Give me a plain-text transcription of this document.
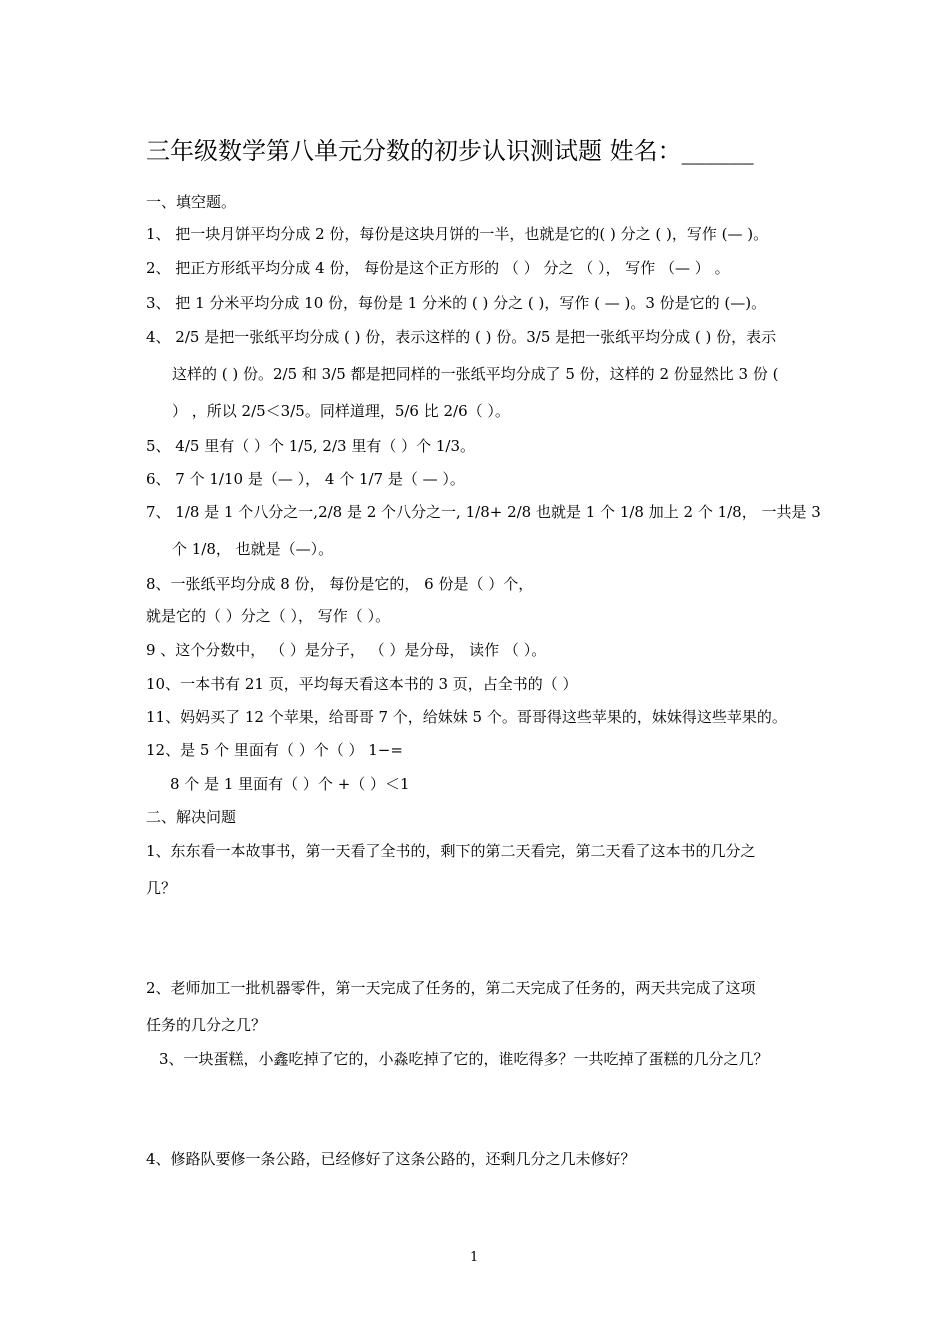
三年级数学第八单元分数的初步认识测试题 姓名：______
一、填空题。
1、 把一块月饼平均分成 2 份，每份是这块月饼的一半，也就是它的( ) 分之 ( )，写作 (— )。
2、 把正方形纸平均分成 4 份， 每份是这个正方形的 （ ） 分之 （ ）， 写作 （— ） 。
3、 把 1 分米平均分成 10 份，每份是 1 分米的 ( ) 分之 ( )，写作 ( — )。3 份是它的 (—)。
4、 2/5 是把一张纸平均分成 ( ) 份，表示这样的 ( ) 份。3/5 是把一张纸平均分成 ( ) 份，表示
这样的 ( ) 份。2/5 和 3/5 都是把同样的一张纸平均分成了 5 份，这样的 2 份显然比 3 份 (
） ，所以 2/5＜3/5。同样道理，5/6 比 2/6（ ）。
5、 4/5 里有（ ）个 1/5, 2/3 里有（ ）个 1/3。
6、 7 个 1/10 是（— ）， 4 个 1/7 是（ — ）。
7、 1/8 是 1 个八分之一,2/8 是 2 个八分之一, 1/8+ 2/8 也就是 1 个 1/8 加上 2 个 1/8， 一共是 3
个 1/8， 也就是（—）。
8、一张纸平均分成 8 份， 每份是它的， 6 份是（ ）个，
就是它的（ ）分之（ ）， 写作（ ）。
9 、这个分数中， （ ）是分子， （ ）是分母， 读作 （ ）。
10、一本书有 21 页，平均每天看这本书的 3 页，占全书的（ ）
11、妈妈买了 12 个苹果，给哥哥 7 个，给妹妹 5 个。哥哥得这些苹果的，妹妹得这些苹果的。
12、是 5 个 里面有（ ）个（ ） 1−=
8 个 是 1 里面有（ ）个 +（ ）＜1
二、解决问题
1、东东看一本故事书，第一天看了全书的，剩下的第二天看完，第二天看了这本书的几分之
几？
2、老师加工一批机器零件，第一天完成了任务的，第二天完成了任务的，两天共完成了这项
任务的几分之几？
3、一块蛋糕，小鑫吃掉了它的，小淼吃掉了它的，谁吃得多？一共吃掉了蛋糕的几分之几？
4、修路队要修一条公路，已经修好了这条公路的，还剩几分之几未修好？
1
